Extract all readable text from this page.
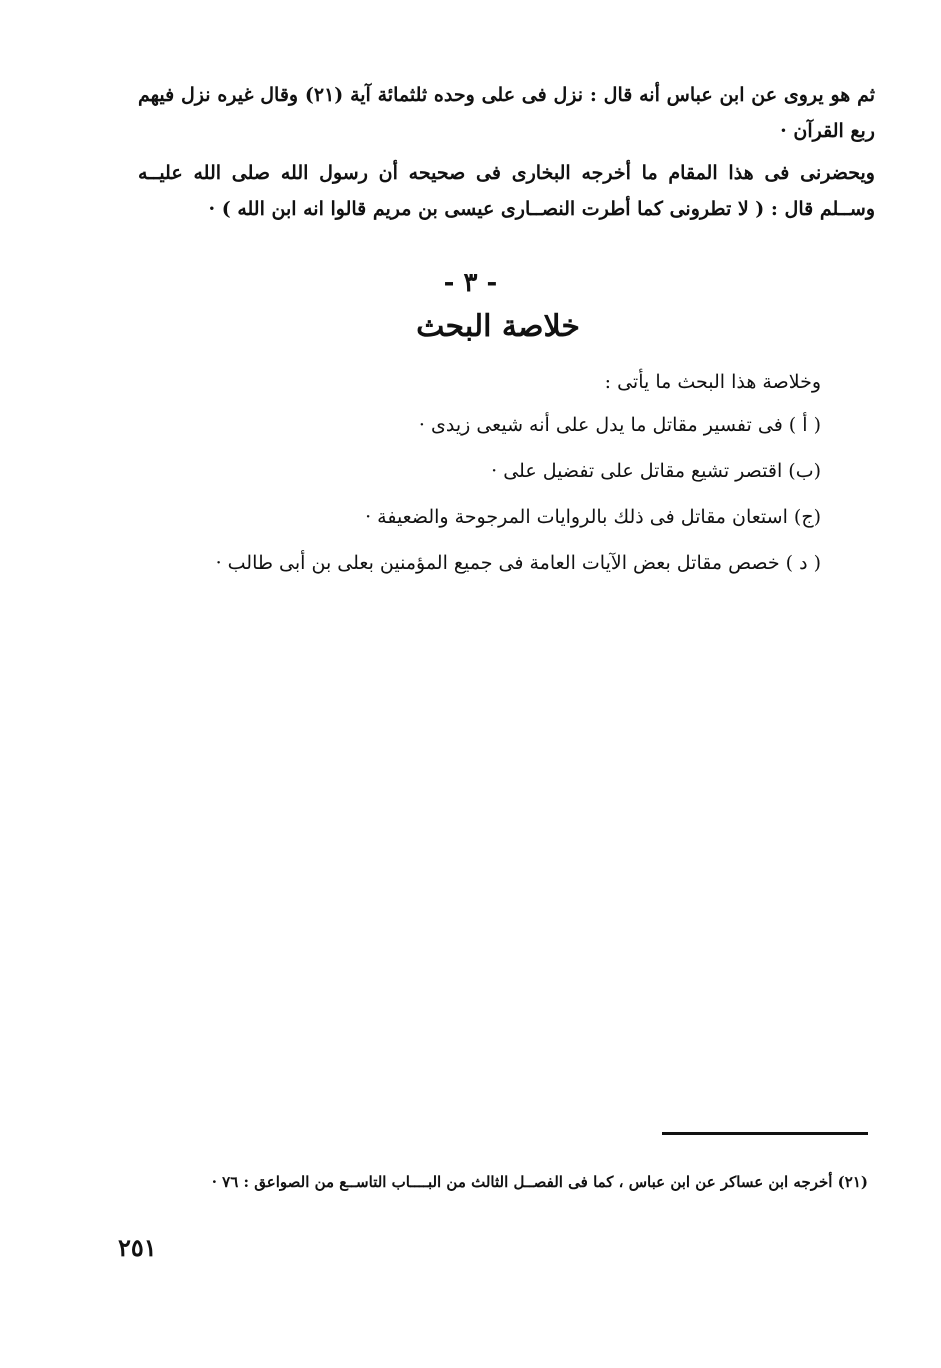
ثم هو يروى عن ابن عباس أنه قال : نزل فى على وحده ثلثمائة آية (٢١) وقال غيره نزل فيهم ربع القرآن ·

ويحضرنى فى هذا المقام ما أخرجه البخارى فى صحيحه أن رسول الله صلى الله عليــه وســلم قال : ( لا تطرونى كما أطرت النصــارى عيسى بن مريم قالوا انه ابن الله ) ·

- ٣ -
خلاصة البحث
وخلاصة هذا البحث ما يأتى :
( أ ) فى تفسير مقاتل ما يدل على أنه شيعى زيدى ·
(ب) اقتصر تشيع مقاتل على تفضيل على ·
(ج) استعان مقاتل فى ذلك بالروايات المرجوحة والضعيفة ·
( د ) خصص مقاتل بعض الآيات العامة فى جميع المؤمنين بعلى بن أبى طالب ·

(٢١) أخرجه ابن عساكر عن ابن عباس ، كما فى الفصــل الثالث من البــــاب التاســع من الصواعق : ٧٦ ·

٢٥١
